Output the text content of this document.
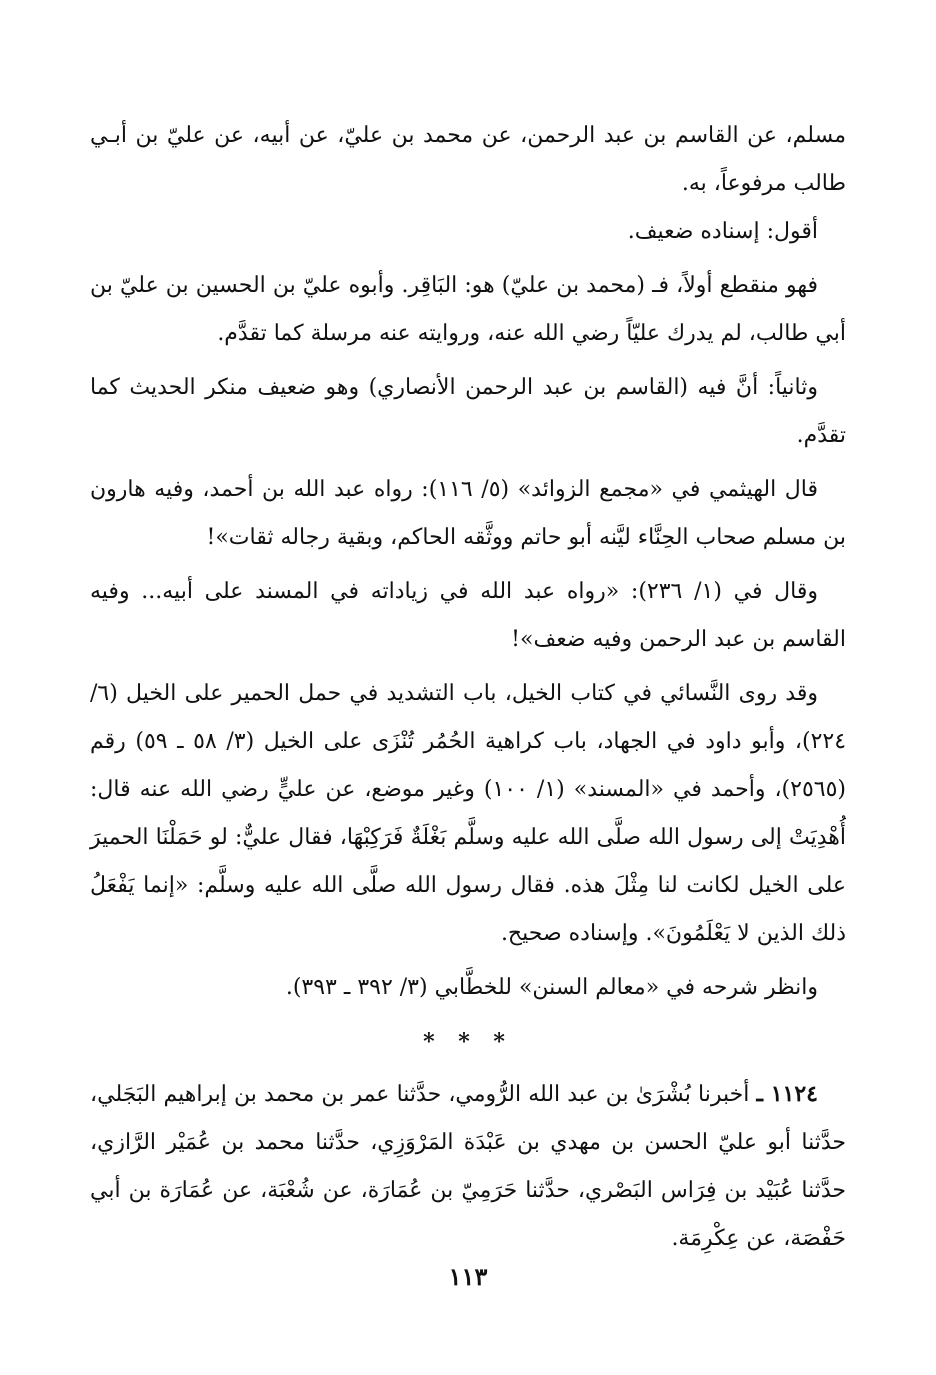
مسلم، عن القاسم بن عبد الرحمن، عن محمد بن عليّ، عن أبيه، عن عليّ بن أبـي طالب مرفوعاً، به.

أقول: إسناده ضعيف.

فهو منقطع أولاً، فـ (محمد بن عليّ) هو: البَاقِر. وأبوه عليّ بن الحسين بن عليّ بن أبي طالب، لم يدرك عليّاً رضي الله عنه، وروايته عنه مرسلة كما تقدَّم.

وثانياً: أنَّ فيه (القاسم بن عبد الرحمن الأنصاري) وهو ضعيف منكر الحديث كما تقدَّم.

قال الهيثمي في «مجمع الزوائد» (٥/ ١١٦): رواه عبد الله بن أحمد، وفيه هارون بن مسلم صحاب الحِنَّاء ليَّنه أبو حاتم ووثَّقه الحاكم، وبقية رجاله ثقات»!

وقال في (١/ ٢٣٦): «رواه عبد الله في زياداته في المسند على أبيه... وفيه القاسم بن عبد الرحمن وفيه ضعف»!

وقد روى النَّسائي في كتاب الخيل، باب التشديد في حمل الحمير على الخيل (٦/ ٢٢٤)، وأبو داود في الجهاد، باب كراهية الحُمُر تُنْزَى على الخيل (٣/ ٥٨ ـ ٥٩) رقم (٢٥٦٥)، وأحمد في «المسند» (١/ ١٠٠) وغير موضع، عن عليٍّ رضي الله عنه قال: أُهْدِيَتْ إلى رسول الله صلَّى الله عليه وسلَّم بَغْلَةٌ فَرَكِبْهَا، فقال عليٌّ: لو حَمَلْنَا الحميرَ على الخيل لكانت لنا مِثْلَ هذه. فقال رسول الله صلَّى الله عليه وسلَّم: «إنما يَفْعَلُ ذلك الذين لا يَعْلَمُونَ». وإسناده صحيح.

وانظر شرحه في «معالم السنن» للخطَّابي (٣/ ٣٩٢ ـ ٣٩٣).

* * *

١١٢٤ ـ أخبرنا بُشْرَىٰ بن عبد الله الرُّومي، حدَّثنا عمر بن محمد بن إبراهيم البَجَلي، حدَّثنا أبو عليّ الحسن بن مهدي بن عَبْدَة المَرْوَزِي، حدَّثنا محمد بن عُمَيْر الرَّازي، حدَّثنا عُبَيْد بن فِرَاس البَصْري، حدَّثنا حَرَمِيّ بن عُمَارَة، عن شُعْبَة، عن عُمَارَة بن أبي حَفْصَة، عن عِكْرِمَة.

١١٣
